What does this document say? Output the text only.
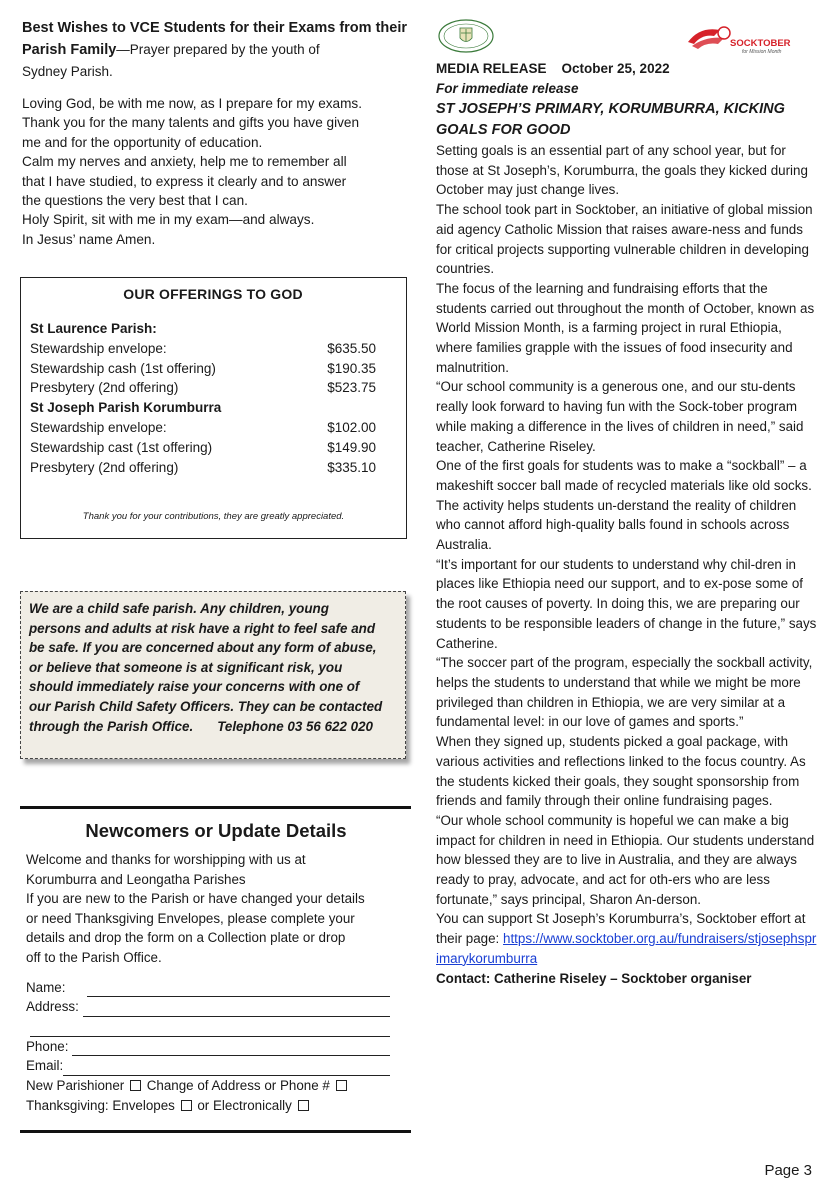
Best Wishes to VCE Students for their Exams from their Parish Family—Prayer prepared by the youth of
Sydney Parish.
Loving God, be with me now, as I prepare for my exams.
Thank you for the many talents and gifts you have given
me and for the opportunity of education.
Calm my nerves and anxiety, help me to remember all
that I have studied, to express it clearly and to answer
the questions the very best that I can.
Holy Spirit, sit with me in my exam—and always.
In Jesus’ name Amen.
OUR OFFERINGS TO GOD
St Laurence Parish:
Stewardship envelope:	$635.50
Stewardship cash (1st offering)	$190.35
Presbytery (2nd offering)	$523.75
St Joseph Parish Korumburra
Stewardship envelope:	$102.00
Stewardship cast (1st offering)	$149.90
Presbytery (2nd offering)	$335.10
Thank you for your contributions, they are greatly appreciated.
We are a child safe parish. Any children, young
persons and adults at risk have a right to feel safe and
be safe. If you are concerned about any form of abuse,
or believe that someone is at significant risk, you
should immediately raise your concerns with one of
our Parish Child Safety Officers. They can be contacted
through the Parish Office. Telephone 03 56 622 020
Newcomers or Update Details
Welcome and thanks for worshipping with us at
Korumburra and Leongatha Parishes
If you are new to the Parish or have changed your details
or need Thanksgiving Envelopes, please complete your
details and drop the form on a Collection plate or drop
off to the Parish Office.
Name:
Address:
Phone:
Email:
New Parishioner Change of Address or Phone #
Thanksgiving: Envelopes or Electronically
SOCKTOBER
for Mission Month
MEDIA RELEASE October 25, 2022
For immediate release
ST JOSEPH’S PRIMARY, KORUMBURRA, KICKING GOALS FOR GOOD

Setting goals is an essential part of any school year, but for those at St Joseph’s, Korumburra, the goals they kicked during October may just change lives.

The school took part in Socktober, an initiative of global mission aid agency Catholic Mission that raises aware-ness and funds for critical projects supporting vulnerable children in developing countries.

The focus of the learning and fundraising efforts that the students carried out throughout the month of October, known as World Mission Month, is a farming project in rural Ethiopia, where families grapple with the issues of food insecurity and malnutrition.

“Our school community is a generous one, and our stu-dents really look forward to having fun with the Sock-tober program while making a difference in the lives of children in need,” said teacher, Catherine Riseley.

One of the first goals for students was to make a “sockball” – a makeshift soccer ball made of recycled materials like old socks. The activity helps students un-derstand the reality of children who cannot afford high-quality balls found in schools across Australia.

“It’s important for our students to understand why chil-dren in places like Ethiopia need our support, and to ex-pose some of the root causes of poverty. In doing this, we are preparing our students to be responsible leaders of change in the future,” says Catherine.

“The soccer part of the program, especially the sockball activity, helps the students to understand that while we might be more privileged than children in Ethiopia, we are very similar at a fundamental level: in our love of games and sports.”

When they signed up, students picked a goal package, with various activities and reflections linked to the focus country. As the students kicked their goals, they sought sponsorship from friends and family through their online fundraising pages.

“Our whole school community is hopeful we can make a big impact for children in need in Ethiopia. Our students understand how blessed they are to live in Australia, and they are always ready to pray, advocate, and act for oth-ers who are less fortunate,” says principal, Sharon An-derson.

You can support St Joseph’s Korumburra’s, Socktober effort at their page: https://www.socktober.org.au/fundraisers/stjosephsprimarykorumburra

Contact: Catherine Riseley – Socktober organiser

Page 3
